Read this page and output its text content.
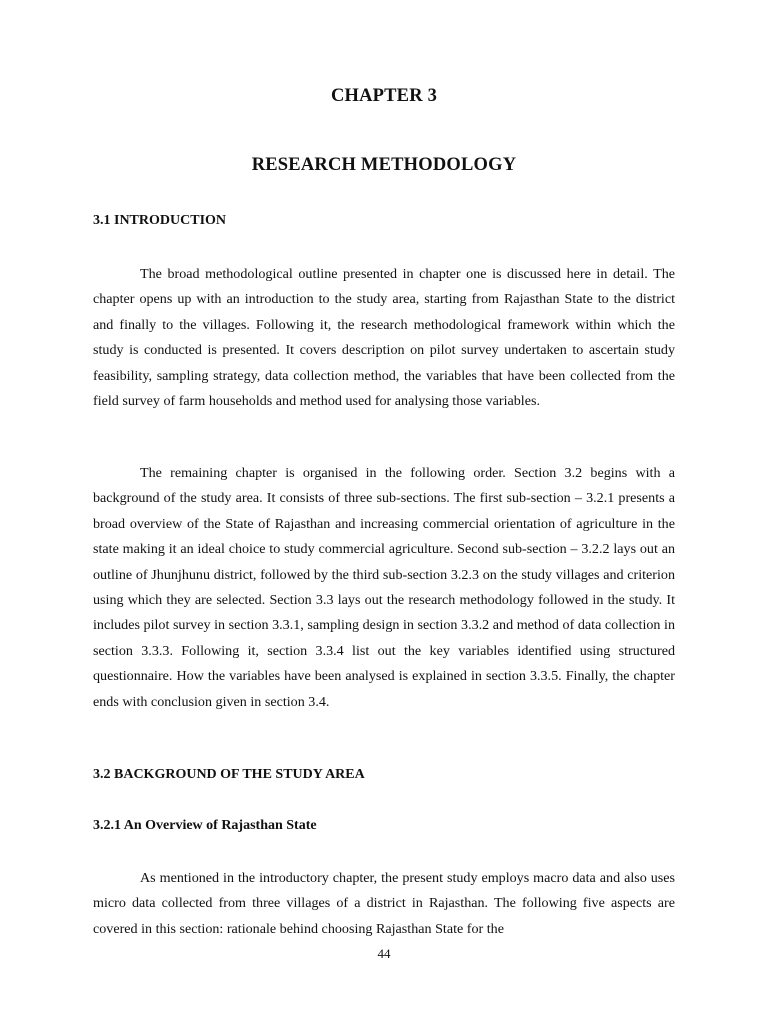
CHAPTER 3
RESEARCH METHODOLOGY
3.1 INTRODUCTION

The broad methodological outline presented in chapter one is discussed here in detail. The chapter opens up with an introduction to the study area, starting from Rajasthan State to the district and finally to the villages. Following it, the research methodological framework within which the study is conducted is presented. It covers description on pilot survey undertaken to ascertain study feasibility, sampling strategy, data collection method, the variables that have been collected from the field survey of farm households and method used for analysing those variables.

The remaining chapter is organised in the following order. Section 3.2 begins with a background of the study area. It consists of three sub-sections. The first sub-section – 3.2.1 presents a broad overview of the State of Rajasthan and increasing commercial orientation of agriculture in the state making it an ideal choice to study commercial agriculture. Second sub-section – 3.2.2 lays out an outline of Jhunjhunu district, followed by the third sub-section 3.2.3 on the study villages and criterion using which they are selected. Section 3.3 lays out the research methodology followed in the study. It includes pilot survey in section 3.3.1, sampling design in section 3.3.2 and method of data collection in section 3.3.3. Following it, section 3.3.4 list out the key variables identified using structured questionnaire. How the variables have been analysed is explained in section 3.3.5. Finally, the chapter ends with conclusion given in section 3.4.

3.2 BACKGROUND OF THE STUDY AREA
3.2.1 An Overview of Rajasthan State

As mentioned in the introductory chapter, the present study employs macro data and also uses micro data collected from three villages of a district in Rajasthan. The following five aspects are covered in this section: rationale behind choosing Rajasthan State for the

44
